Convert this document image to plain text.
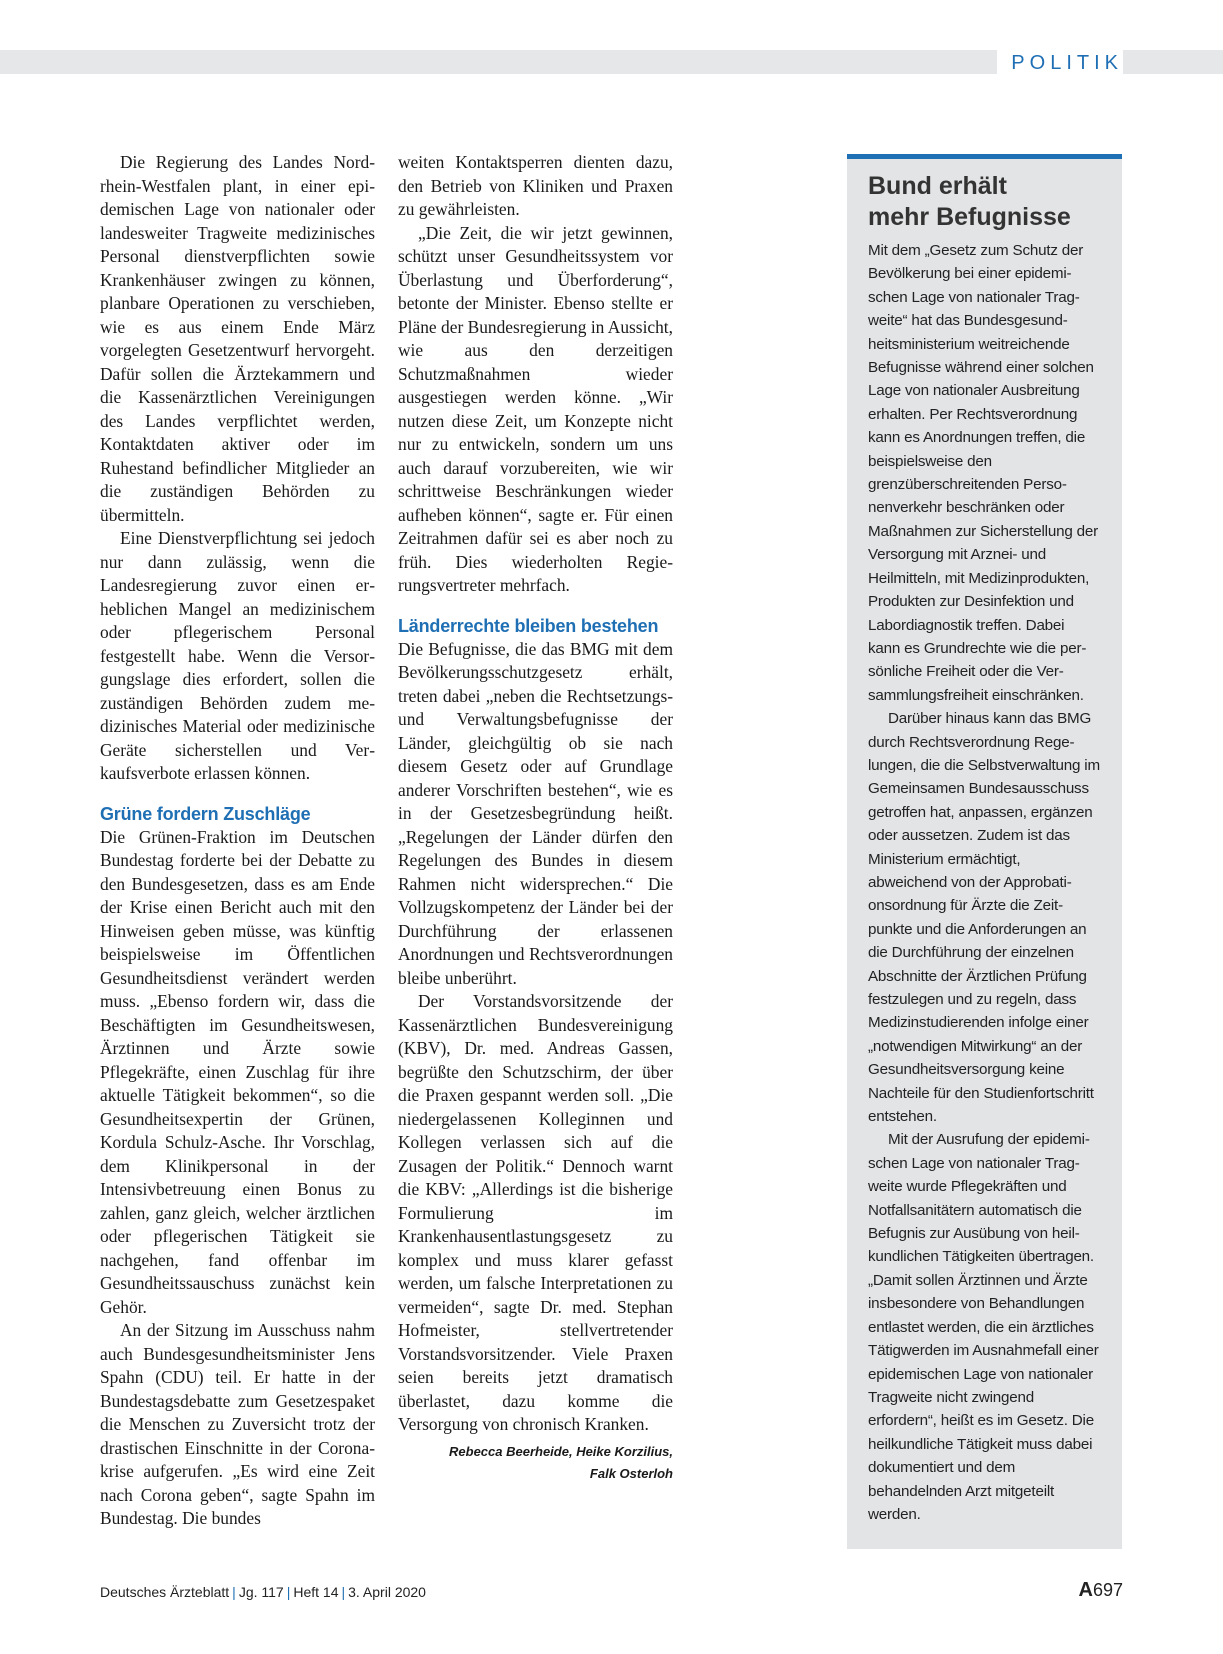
POLITIK

Die Regierung des Landes Nordrhein-Westfalen plant, in einer epidemischen Lage von nationaler oder landesweiter Tragweite medizinisches Personal dienstverpflichten sowie Krankenhäuser zwingen zu können, planbare Operationen zu verschieben, wie es aus einem Ende März vorgelegten Gesetzentwurf hervorgeht. Dafür sollen die Ärztekammern und die Kassenärztlichen Vereinigungen des Landes verpflichtet werden, Kontaktdaten aktiver oder im Ruhestand befindlicher Mitglieder an die zuständigen Behörden zu übermitteln.

Eine Dienstverpflichtung sei jedoch nur dann zulässig, wenn die Landesregierung zuvor einen erheblichen Mangel an medizinischem oder pflegerischem Personal festgestellt habe. Wenn die Versorgungslage dies erfordert, sollen die zuständigen Behörden zudem medizinisches Material oder medizinische Geräte sicherstellen und Verkaufsverbote erlassen können.

Grüne fordern Zuschläge

Die Grünen-Fraktion im Deutschen Bundestag forderte bei der Debatte zu den Bundesgesetzen, dass es am Ende der Krise einen Bericht auch mit den Hinweisen geben müsse, was künftig beispielsweise im Öffentlichen Gesundheitsdienst verändert werden muss. „Ebenso fordern wir, dass die Beschäftigten im Gesundheitswesen, Ärztinnen und Ärzte sowie Pflegekräfte, einen Zuschlag für ihre aktuelle Tätigkeit bekommen“, so die Gesundheitsexpertin der Grünen, Kordula Schulz-Asche. Ihr Vorschlag, dem Klinikpersonal in der Intensivbetreuung einen Bonus zu zahlen, ganz gleich, welcher ärztlichen oder pflegerischen Tätigkeit sie nachgehen, fand offenbar im Gesundheitssauschuss zunächst kein Gehör.

An der Sitzung im Ausschuss nahm auch Bundesgesundheitsminister Jens Spahn (CDU) teil. Er hatte in der Bundestagsdebatte zum Gesetzespaket die Menschen zu Zuversicht trotz der drastischen Einschnitte in der Coronakrise aufgerufen. „Es wird eine Zeit nach Corona geben“, sagte Spahn im Bundestag. Die bundes

weiten Kontaktsperren dienten dazu, den Betrieb von Kliniken und Praxen zu gewährleisten.

„Die Zeit, die wir jetzt gewinnen, schützt unser Gesundheitssystem vor Überlastung und Überforderung“, betonte der Minister. Ebenso stellte er Pläne der Bundesregierung in Aussicht, wie aus den derzeitigen Schutzmaßnahmen wieder ausgestiegen werden könne. „Wir nutzen diese Zeit, um Konzepte nicht nur zu entwickeln, sondern um uns auch darauf vorzubereiten, wie wir schrittweise Beschränkungen wieder aufheben können“, sagte er. Für einen Zeitrahmen dafür sei es aber noch zu früh. Dies wiederholten Regierungsvertreter mehrfach.

Länderrechte bleiben bestehen

Die Befugnisse, die das BMG mit dem Bevölkerungsschutzgesetz erhält, treten dabei „neben die Rechtsetzungs- und Verwaltungsbefugnisse der Länder, gleichgültig ob sie nach diesem Gesetz oder auf Grundlage anderer Vorschriften bestehen“, wie es in der Gesetzesbegründung heißt. „Regelungen der Länder dürfen den Regelungen des Bundes in diesem Rahmen nicht widersprechen.“ Die Vollzugskompetenz der Länder bei der Durchführung der erlassenen Anordnungen und Rechtsverordnungen bleibe unberührt.

Der Vorstandsvorsitzende der Kassenärztlichen Bundesvereinigung (KBV), Dr. med. Andreas Gassen, begrüßte den Schutzschirm, der über die Praxen gespannt werden soll. „Die niedergelassenen Kolleginnen und Kollegen verlassen sich auf die Zusagen der Politik.“ Dennoch warnt die KBV: „Allerdings ist die bisherige Formulierung im Krankenhausentlastungsgesetz zu komplex und muss klarer gefasst werden, um falsche Interpretationen zu vermeiden“, sagte Dr. med. Stephan Hofmeister, stellvertretender Vorstandsvorsitzender. Viele Praxen seien bereits jetzt dramatisch überlastet, dazu komme die Versorgung von chronisch Kranken.

Rebecca Beerheide, Heike Korzilius,
Falk Osterloh
Bund erhält
mehr Befugnisse

Mit dem „Gesetz zum Schutz der Bevölkerung bei einer epidemischen Lage von nationaler Tragweite“ hat das Bundesgesundheitsministerium weitreichende Befugnisse während einer solchen Lage von nationaler Ausbreitung erhalten. Per Rechtsverordnung kann es Anordnungen treffen, die beispielsweise den grenzüberschreitenden Personenverkehr beschränken oder Maßnahmen zur Sicherstellung der Versorgung mit Arznei- und Heilmitteln, mit Medizinprodukten, Produkten zur Desinfektion und Labordiagnostik treffen. Dabei kann es Grundrechte wie die persönliche Freiheit oder die Versammlungsfreiheit einschränken.

Darüber hinaus kann das BMG durch Rechtsverordnung Regelungen, die die Selbstverwaltung im Gemeinsamen Bundesausschuss getroffen hat, anpassen, ergänzen oder aussetzen. Zudem ist das Ministerium ermächtigt, abweichend von der Approbationsordnung für Ärzte die Zeitpunkte und die Anforderungen an die Durchführung der einzelnen Abschnitte der Ärztlichen Prüfung festzulegen und zu regeln, dass Medizinstudierenden infolge einer „notwendigen Mitwirkung“ an der Gesundheitsversorgung keine Nachteile für den Studienfortschritt entstehen.

Mit der Ausrufung der epidemischen Lage von nationaler Tragweite wurde Pflegekräften und Notfallsanitätern automatisch die Befugnis zur Ausübung von heilkundlichen Tätigkeiten übertragen. „Damit sollen Ärztinnen und Ärzte insbesondere von Behandlungen entlastet werden, die ein ärztliches Tätigwerden im Ausnahmefall einer epidemischen Lage von nationaler Tragweite nicht zwingend erfordern“, heißt es im Gesetz. Die heilkundliche Tätigkeit muss dabei dokumentiert und dem behandelnden Arzt mitgeteilt werden.

Deutsches Ärzteblatt | Jg. 117 | Heft 14 | 3. April 2020	A697
